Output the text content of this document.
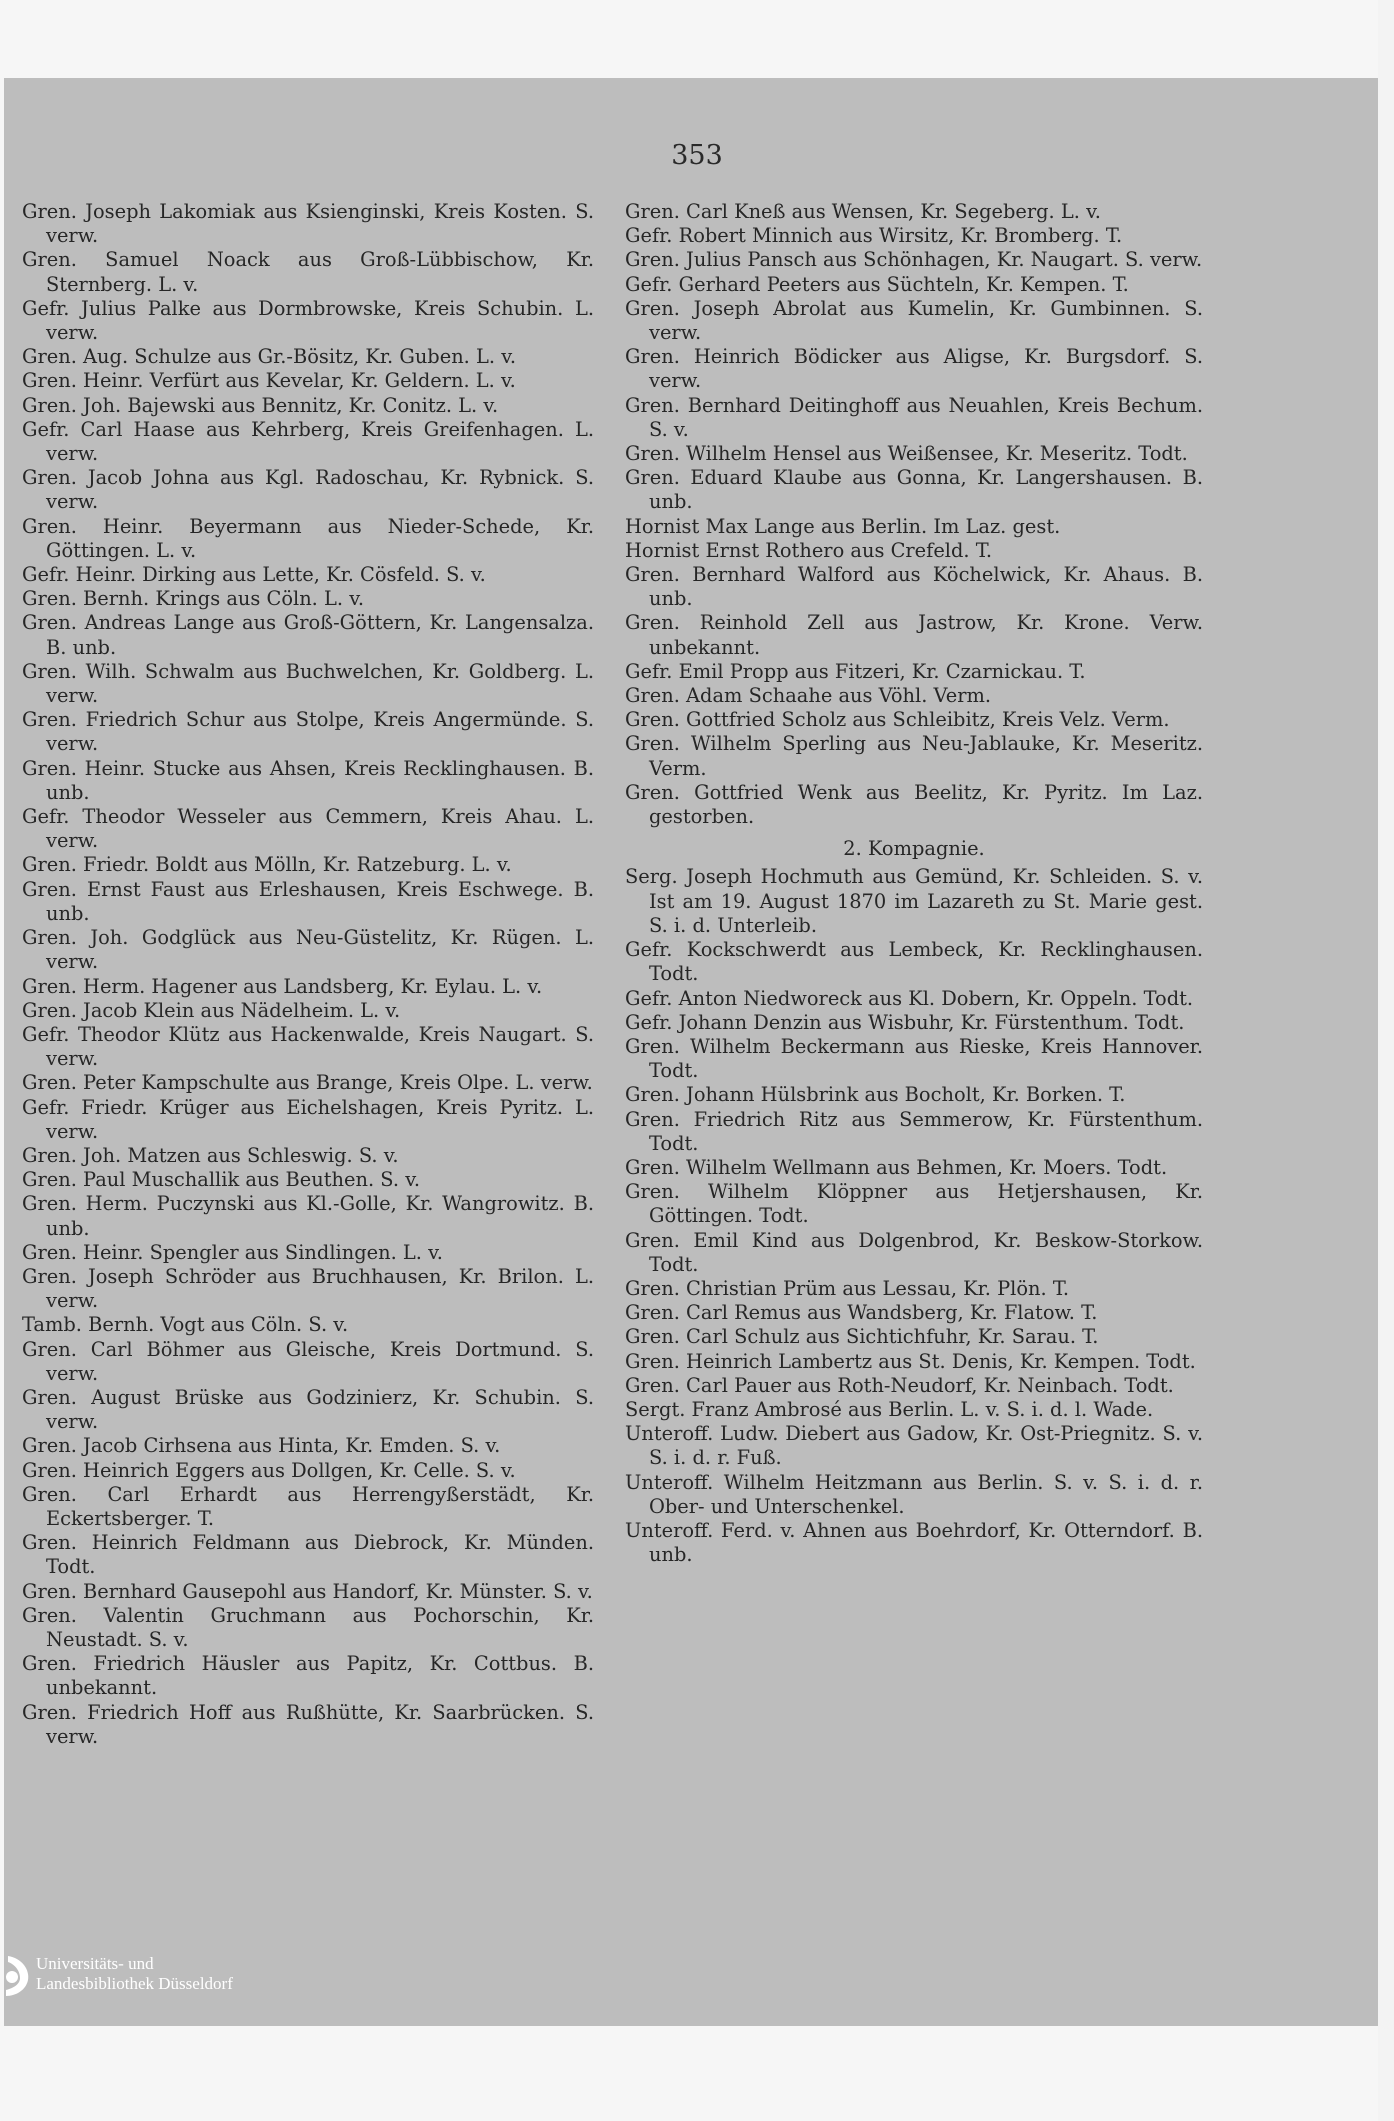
353
Gren. Joseph Lakomiak aus Ksienginski, Kreis Kosten. S. verw.
Gren. Samuel Noack aus Groß-Lübbischow, Kr. Sternberg. L. v.
Gefr. Julius Palke aus Dormbrowske, Kreis Schubin. L. verw.
Gren. Aug. Schulze aus Gr.-Bösitz, Kr. Guben. L. v.
Gren. Heinr. Verfürt aus Kevelar, Kr. Geldern. L. v.
Gren. Joh. Bajewski aus Bennitz, Kr. Conitz. L. v.
Gefr. Carl Haase aus Kehrberg, Kreis Greifenhagen. L. verw.
Gren. Jacob Johna aus Kgl. Radoschau, Kr. Rybnick. S. verw.
Gren. Heinr. Beyermann aus Nieder-Schede, Kr. Göttingen. L. v.
Gefr. Heinr. Dirking aus Lette, Kr. Cösfeld. S. v.
Gren. Bernh. Krings aus Cöln. L. v.
Gren. Andreas Lange aus Groß-Göttern, Kr. Langensalza. B. unb.
Gren. Wilh. Schwalm aus Buchwelchen, Kr. Goldberg. L. verw.
Gren. Friedrich Schur aus Stolpe, Kreis Angermünde. S. verw.
Gren. Heinr. Stucke aus Ahsen, Kreis Recklinghausen. B. unb.
Gefr. Theodor Wesseler aus Cemmern, Kreis Ahau. L. verw.
Gren. Friedr. Boldt aus Mölln, Kr. Ratzeburg. L. v.
Gren. Ernst Faust aus Erleshausen, Kreis Eschwege. B. unb.
Gren. Joh. Godglück aus Neu-Güstelitz, Kr. Rügen. L. verw.
Gren. Herm. Hagener aus Landsberg, Kr. Eylau. L. v.
Gren. Jacob Klein aus Nädelheim. L. v.
Gefr. Theodor Klütz aus Hackenwalde, Kreis Naugart. S. verw.
Gren. Peter Kampschulte aus Brange, Kreis Olpe. L. verw.
Gefr. Friedr. Krüger aus Eichelshagen, Kreis Pyritz. L. verw.
Gren. Joh. Matzen aus Schleswig. S. v.
Gren. Paul Muschallik aus Beuthen. S. v.
Gren. Herm. Puczynski aus Kl.-Golle, Kr. Wangrowitz. B. unb.
Gren. Heinr. Spengler aus Sindlingen. L. v.
Gren. Joseph Schröder aus Bruchhausen, Kr. Brilon. L. verw.
Tamb. Bernh. Vogt aus Cöln. S. v.
Gren. Carl Böhmer aus Gleische, Kreis Dortmund. S. verw.
Gren. August Brüske aus Godzinierz, Kr. Schubin. S. verw.
Gren. Jacob Cirhsena aus Hinta, Kr. Emden. S. v.
Gren. Heinrich Eggers aus Dollgen, Kr. Celle. S. v.
Gren. Carl Erhardt aus Herrengyßerstädt, Kr. Eckertsberger. T.
Gren. Heinrich Feldmann aus Diebrock, Kr. Münden. Todt.
Gren. Bernhard Gausepohl aus Handorf, Kr. Münster. S. v.
Gren. Valentin Gruchmann aus Pochorschin, Kr. Neustadt. S. v.
Gren. Friedrich Häusler aus Papitz, Kr. Cottbus. B. unbekannt.
Gren. Friedrich Hoff aus Rußhütte, Kr. Saarbrücken. S. verw.
Gren. Carl Kneß aus Wensen, Kr. Segeberg. L. v.
Gefr. Robert Minnich aus Wirsitz, Kr. Bromberg. T.
Gren. Julius Pansch aus Schönhagen, Kr. Naugart. S. verw.
Gefr. Gerhard Peeters aus Süchteln, Kr. Kempen. T.
Gren. Joseph Abrolat aus Kumelin, Kr. Gumbinnen. S. verw.
Gren. Heinrich Bödicker aus Aligse, Kr. Burgsdorf. S. verw.
Gren. Bernhard Deitinghoff aus Neuahlen, Kreis Bechum. S. v.
Gren. Wilhelm Hensel aus Weißensee, Kr. Meseritz. Todt.
Gren. Eduard Klaube aus Gonna, Kr. Langershausen. B. unb.
Hornist Max Lange aus Berlin. Im Laz. gest.
Hornist Ernst Rothero aus Crefeld. T.
Gren. Bernhard Walford aus Köchelwick, Kr. Ahaus. B. unb.
Gren. Reinhold Zell aus Jastrow, Kr. Krone. Verw. unbekannt.
Gefr. Emil Propp aus Fitzeri, Kr. Czarnickau. T.
Gren. Adam Schaahe aus Vöhl. Verm.
Gren. Gottfried Scholz aus Schleibitz, Kreis Velz. Verm.
Gren. Wilhelm Sperling aus Neu-Jablauke, Kr. Meseritz. Verm.
Gren. Gottfried Wenk aus Beelitz, Kr. Pyritz. Im Laz. gestorben.
2. Kompagnie.
Serg. Joseph Hochmuth aus Gemünd, Kr. Schleiden. S. v. Ist am 19. August 1870 im Lazareth zu St. Marie gest. S. i. d. Unterleib.
Gefr. Kockschwerdt aus Lembeck, Kr. Recklinghausen. Todt.
Gefr. Anton Niedworeck aus Kl. Dobern, Kr. Oppeln. Todt.
Gefr. Johann Denzin aus Wisbuhr, Kr. Fürstenthum. Todt.
Gren. Wilhelm Beckermann aus Rieske, Kreis Hannover. Todt.
Gren. Johann Hülsbrink aus Bocholt, Kr. Borken. T.
Gren. Friedrich Ritz aus Semmerow, Kr. Fürstenthum. Todt.
Gren. Wilhelm Wellmann aus Behmen, Kr. Moers. Todt.
Gren. Wilhelm Klöppner aus Hetjershausen, Kr. Göttingen. Todt.
Gren. Emil Kind aus Dolgenbrod, Kr. Beskow-Storkow. Todt.
Gren. Christian Prüm aus Lessau, Kr. Plön. T.
Gren. Carl Remus aus Wandsberg, Kr. Flatow. T.
Gren. Carl Schulz aus Sichtichfuhr, Kr. Sarau. T.
Gren. Heinrich Lambertz aus St. Denis, Kr. Kempen. Todt.
Gren. Carl Pauer aus Roth-Neudorf, Kr. Neinbach. Todt.
Sergt. Franz Ambrosé aus Berlin. L. v. S. i. d. l. Wade.
Unteroff. Ludw. Diebert aus Gadow, Kr. Ost-Priegnitz. S. v. S. i. d. r. Fuß.
Unteroff. Wilhelm Heitzmann aus Berlin. S. v. S. i. d. r. Ober- und Unterschenkel.
Unteroff. Ferd. v. Ahnen aus Boehrdorf, Kr. Otterndorf. B. unb.
Universitäts- und
Landesbibliothek Düsseldorf
